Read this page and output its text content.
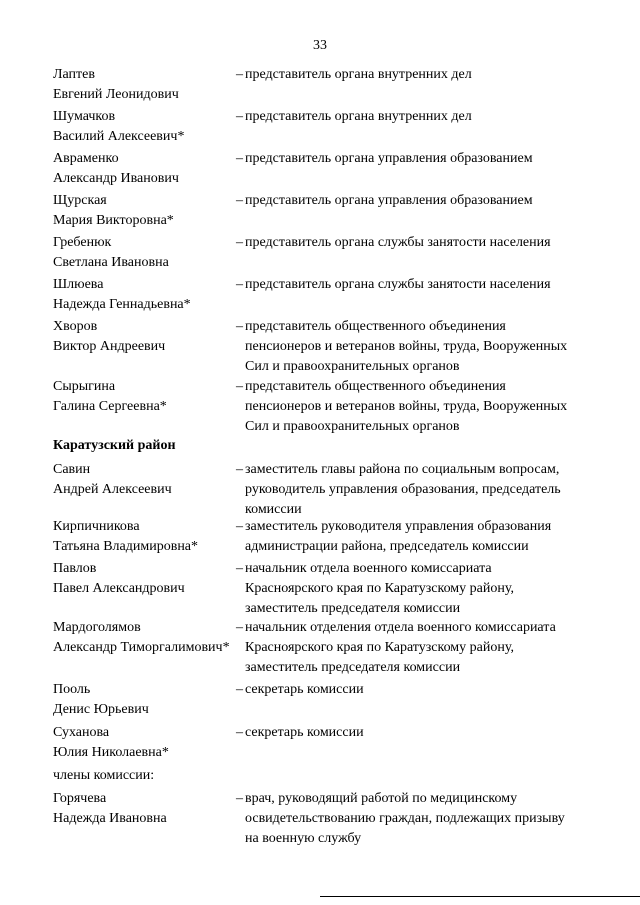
33
Лаптев
Евгений Леонидович
– представитель органа внутренних дел
Шумачков
Василий Алексеевич*
– представитель органа внутренних дел
Авраменко
Александр Иванович
– представитель органа управления образованием
Щурская
Мария Викторовна*
– представитель органа управления образованием
Гребенюк
Светлана Ивановна
– представитель органа службы занятости населения
Шлюева
Надежда Геннадьевна*
– представитель органа службы занятости населения
Хворов
Виктор Андреевич
– представитель общественного объединения
пенсионеров и ветеранов войны, труда, Вооруженных
Сил и правоохранительных органов
Сырыгина
Галина Сергеевна*
– представитель общественного объединения
пенсионеров и ветеранов войны, труда, Вооруженных
Сил и правоохранительных органов
Каратузский район
Савин
Андрей Алексеевич
– заместитель главы района по социальным вопросам,
руководитель управления образования, председатель
комиссии
Кирпичникова
Татьяна Владимировна*
– заместитель руководителя управления образования
администрации района, председатель комиссии
Павлов
Павел Александрович
– начальник отдела военного комиссариата
Красноярского края по Каратузскому району,
заместитель председателя комиссии
Мардоголямов
Александр Тиморгалимович*
– начальник отделения отдела военного комиссариата
Красноярского края по Каратузскому району,
заместитель председателя комиссии
Пооль
Денис Юрьевич
– секретарь комиссии
Суханова
Юлия Николаевна*
– секретарь комиссии
члены комиссии:
Горячева
Надежда Ивановна
– врач, руководящий работой по медицинскому
освидетельствованию граждан, подлежащих призыву
на военную службу
